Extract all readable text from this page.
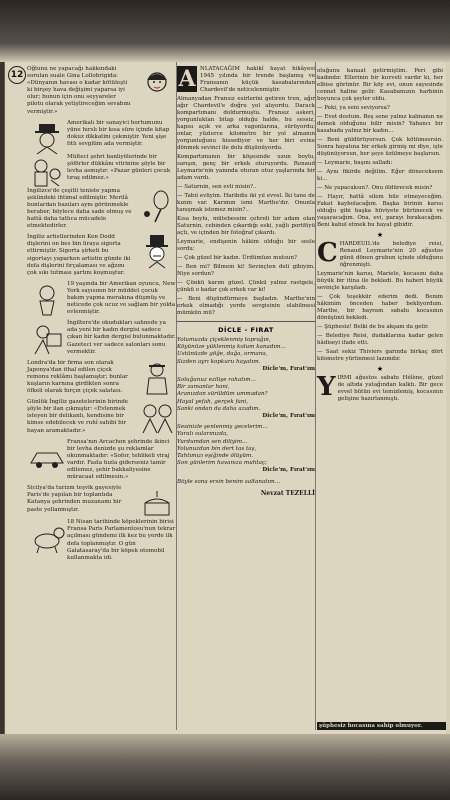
12
Oğlunu ne yapacağı hakkındaki sorulan suale Gina Lollobrigida: «Dünyanın havası o kadar kötüleşti ki birşey hava değişimi yaparsa iyi olur; bunun için onu seyyareler pilotu olarak yetiştireceğim sevabını vermiştir.»
Amerikalı bir sanayici hortumunu yüne hırslı bir kısa süre içinde kitap dokuz dikkatini çekmiştir. Yeni şişe fıtlı sevgilim ada vermiştir.
Mülteci şehri banliyölerinde bir şöförler dükkânı vitrinine şöyle bir levha asmıştır: «Pazar günleri çocuk tıraş edilmez.»
İngilizce'de çeşitli teniste yapma şeklindeki ihtimal edilmiştir. Merilâ bunlardan bazıları aynı görünmekle beraber, böylece daha sade olmuş ve hattâ daha tatlıca mücadele etmektedirler.
İngiliz artistlerinden Ken Dodd dişlerini on bes bin liraya sigorta ettirmiştir. Sigorta şirketi bu sigortayı yaparken artistin günde iki defa dişlerini fırçalaması ve ağzını çok sıkı tutması şartını koşmuştur.
19 yaşında bir Amerikan oyuncu, New York sayısının bir müddet çocuk bakım yapma merakına düşmüş ve neticede çok ucuz ve sağlam bir yolda evlenmiştir.
İngiltere'de okudukları sahnede ya ada yeni bir kadın dergisi sadece çıkan bir kadın dergisi bulunmaktadır. Gazeteci ver sadece salonları sonu vermektir.
Londra'da bir firma son olarak Japonya'dan ithal edilen çiçek remonu reklâmı başlamıştır; bunlar kuşların karnına girdikten sonra öfkeli olarak hırçın çiçek salatası.
Günlük İngiliz gazetelerinin birinde şöyle bir ilan çıkmıştır: «Evlenmek isteyen bir delikanlı, kendisine bir kimse edebilecek ve ruhî sahibi bir bayan aramaktadır.»
Fransa'nın Arcachon şehrinde ikinci bir levha denizde şu reklamlar okunmaktadır: «Sofor, tehlikeli viraj vardır. Fazla hızla giderseniz tamir edilemez, şehir bakkaliyesine müracaat edilmesin.»
Sicilya'da turizm teşvik gayesiyle Paris'de yapılan bir toplantıda Katanya şehrinden muzanamı bir paste yollanmıştır.
18 Nisan tarihinde köpeklerinin birisi Fransa Paris Parlamentosu'nun tekrar açılması gündemi ilk kez bu yerde ilk defa toplanmıştır. O gün Galatasaray'da bir köpek otomobil kullanmakta idi.
A NLATACAĞIM hakikî hayat hikâyesi 1945 yılında bir trende başlamış ve Fransanın küçük kasabalarından Chardevil'de neticelenmiştir.

Almanyadan Fransız esirlerini getiren tren, ağır ağır Chardevil'e doğru yol alıyordu. Darack kompartımanı doldurmuştu. Fransız askeri, yorgunluktan bitap olduğu halde, bu sessiz, kapısı açık ve arka vagonlarına, sürüyordu; onlar, yüzlerce kilometre bir yol almanın yorgunluğunu hissediyor ve her biri evine dönmek sevinci ile dolu düşünüyordu.

Kompartımanın bir köşesinde uzun boylu, sarışın, genç bir erkek oturuyordu. Renaud Leymarie'nin yanında oturan otuz yaşlarında bir adam vardı.

— Saturnin, sen evli misin?..

— Tabii evliyim. Haribdis iki yıl evvel. İki tane de kızım var. Karımın ismi Marthe'dır. Onunla tanışmak istemez misin?..

Kısa boylu, mütebessim çehreli bir adam olan Saturnin, cebinden çıkardığı eski, yağlı portföyü açtı, ve içinden bir fotoğraf çıkardı.

Leymarie, endişenin hâkim olduğu bir sesle sordu:

— Çok güzel bir kadın. Ürdümüze mutsun?

— Ben mi? Bilmem ki! Sevinçten deli gibiyim. Niye sordun?

— Çünkü karım güzel. Çünkü yalnız rastgele, çünkü o kadar çok erkek var ki!

— Beni düşündürmeye başladın. Marthe'nin erkek olmadığı yerde sevgisinin olabilmesi mümkün mü?

DİCLE - FIRAT
Yolumuzda çiçeklenmiş toprağın,
Köyünüze yüklenmiş kolum kanadım...
Ustünüzde göğe, dağa, ormana,
Sizden ayrı kopkuru hayatım.
Dicle'm, Fırat'ım
Soluğunuz ezilişe rahatım...
Bir zamanlar hani,
Aranızdan sürüldüm ummadan?
Hayal yefah, gerçek fani,
Sanki ondan da daha azadım.
Dicle'm, Fırat'ım
Sesinizle şenlenmiş gecelerim...
Yaralı sularınızda,
Yurdumdan sen diliyim...
Yolunuzdan bin dert tas taş,
Tahtımızı eşiğinde ölüyüm.
Son günlerim havanıza muhtaç;
Dicle'm, Fırat'ım
Böyle sona ersin benim saltanatım...
Nevzat TEZELLİ

oluğunu kanaat getirmiştim. Peri gibi kadındır. Ellerinin bir kuvveti vardır ki, her elbise görünür. Bir köy evi, onun sayesinde cennet haline gelir. Kasabamızın harbinin boyunca çok şeyler oldu.

— Peki, ya seni seviyorsa?

— Evet dostum. Beş sene yalnız kalmanın ne demek olduğunu bilir misin? Yabancı bir kasabada yalnız bir kadın...

— Beni güldürüyorsun. Çok kötümsersin. Sonra hayatına bir erkek girmiş mi diye, işte düşünüyorsun, her şeye üzülmeye başlarsın.

— Leymarie, başını salladı:

— Aynı fikirde değilim. Eğer döneceksem ki...

— Ne yapacaksın?. Onu öldürecek misin?

— Hayır, hattâ silem bile etmeyeceğim. Fakat kaybolacağım. Başka birinin karısı olduğu gibi başka hüviyete bürünecek ve yaşayacağım. Ona, evi, parayı bırakacağım. Beni kabul etmek bu hayat gibidir.

★
C HARDEUIL'de belediye reisi, Renaud Leymarie'nin 20 ağustos günü dönen grubun içinde olduğunu öğrenmişti.

Leymarie'nin karısı, Mariele, kocasını daha büyük bir itina ile bekledi. Bu haberi büyük sevinçle karşıladı.

— Çok teşekkür ederim dedi. Benim hâkimim önceden haber bekliyordum. Marthe, bir bayram sabahı kocasının dönüşünü bekledi.

— Şüphesiz! Belki de bu akşam da gelir.

— Belediye Reisi, dudaklarına kadar gelen hâdiseyi ifade etti.

— Saat sekiz Thiviers garında birkaç dört kilometre yürünmesi lazımdır.

★
Y IRMI ağustos sabahı Hélène, güzel de altıda yatağından kalktı. Bir gece evvel bütün evi temizlemiş, kocasının gelişine hazırlanmıştı.
şüphesiz hocasına sahip olmuyor.
